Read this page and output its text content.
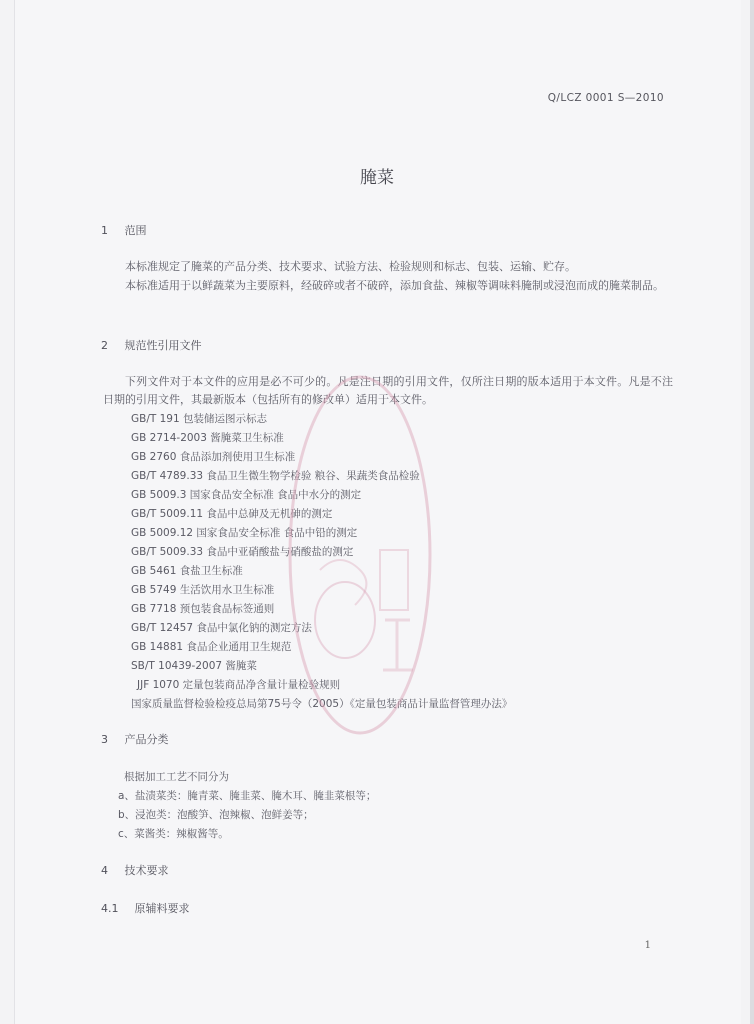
Q/LCZ 0001 S—2010
腌菜
1 范围
本标准规定了腌菜的产品分类、技术要求、试验方法、检验规则和标志、包装、运输、贮存。
本标准适用于以鲜蔬菜为主要原料，经破碎或者不破碎，添加食盐、辣椒等调味料腌制或浸泡而成的腌菜制品。
2 规范性引用文件
下列文件对于本文件的应用是必不可少的。凡是注日期的引用文件，仅所注日期的版本适用于本文件。凡是不注日期的引用文件，其最新版本（包括所有的修改单）适用于本文件。
GB/T 191 包装储运图示标志
GB 2714-2003 酱腌菜卫生标准
GB 2760 食品添加剂使用卫生标准
GB/T 4789.33 食品卫生微生物学检验 粮谷、果蔬类食品检验
GB 5009.3 国家食品安全标准 食品中水分的测定
GB/T 5009.11 食品中总砷及无机砷的测定
GB 5009.12 国家食品安全标准 食品中铅的测定
GB/T 5009.33 食品中亚硝酸盐与硝酸盐的测定
GB 5461 食盐卫生标准
GB 5749 生活饮用水卫生标准
GB 7718 预包装食品标签通则
GB/T 12457 食品中氯化钠的测定方法
GB 14881 食品企业通用卫生规范
SB/T 10439-2007 酱腌菜
JJF 1070 定量包装商品净含量计量检验规则
国家质量监督检验检疫总局第75号令（2005）《定量包装商品计量监督管理办法》
3 产品分类
根据加工工艺不同分为
a、盐渍菜类：腌青菜、腌韭菜、腌木耳、腌韭菜根等；
b、浸泡类：泡酸笋、泡辣椒、泡鲜姜等；
c、菜酱类：辣椒酱等。
4 技术要求
4.1 原辅料要求
1
